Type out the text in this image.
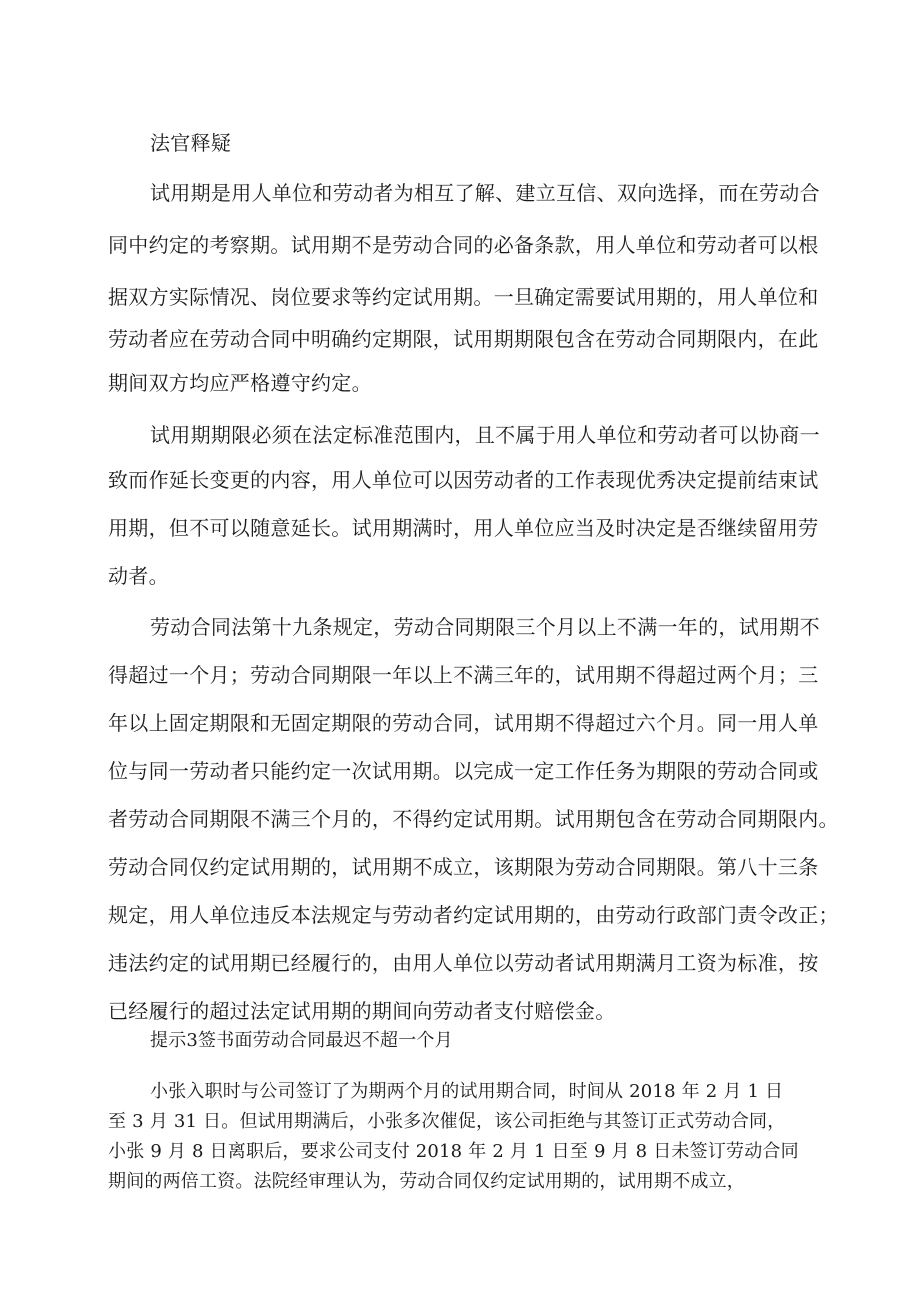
法官释疑

试用期是用人单位和劳动者为相互了解、建立互信、双向选择，而在劳动合

同中约定的考察期。试用期不是劳动合同的必备条款，用人单位和劳动者可以根

据双方实际情况、岗位要求等约定试用期。一旦确定需要试用期的，用人单位和

劳动者应在劳动合同中明确约定期限，试用期期限包含在劳动合同期限内，在此

期间双方均应严格遵守约定。

试用期期限必须在法定标准范围内，且不属于用人单位和劳动者可以协商一

致而作延长变更的内容，用人单位可以因劳动者的工作表现优秀决定提前结束试

用期，但不可以随意延长。试用期满时，用人单位应当及时决定是否继续留用劳

动者。

劳动合同法第十九条规定，劳动合同期限三个月以上不满一年的，试用期不

得超过一个月；劳动合同期限一年以上不满三年的，试用期不得超过两个月；三

年以上固定期限和无固定期限的劳动合同，试用期不得超过六个月。同一用人单

位与同一劳动者只能约定一次试用期。以完成一定工作任务为期限的劳动合同或

者劳动合同期限不满三个月的，不得约定试用期。试用期包含在劳动合同期限内。

劳动合同仅约定试用期的，试用期不成立，该期限为劳动合同期限。第八十三条

规定，用人单位违反本法规定与劳动者约定试用期的，由劳动行政部门责令改正；

违法约定的试用期已经履行的，由用人单位以劳动者试用期满月工资为标准，按

已经履行的超过法定试用期的期间向劳动者支付赔偿金。

提示3签书面劳动合同最迟不超一个月

小张入职时与公司签订了为期两个月的试用期合同，时间从 2018 年 2 月 1 日

至 3 月 31 日。但试用期满后，小张多次催促，该公司拒绝与其签订正式劳动合同，

小张 9 月 8 日离职后，要求公司支付 2018 年 2 月 1 日至 9 月 8 日未签订劳动合同

期间的两倍工资。法院经审理认为，劳动合同仅约定试用期的，试用期不成立，
